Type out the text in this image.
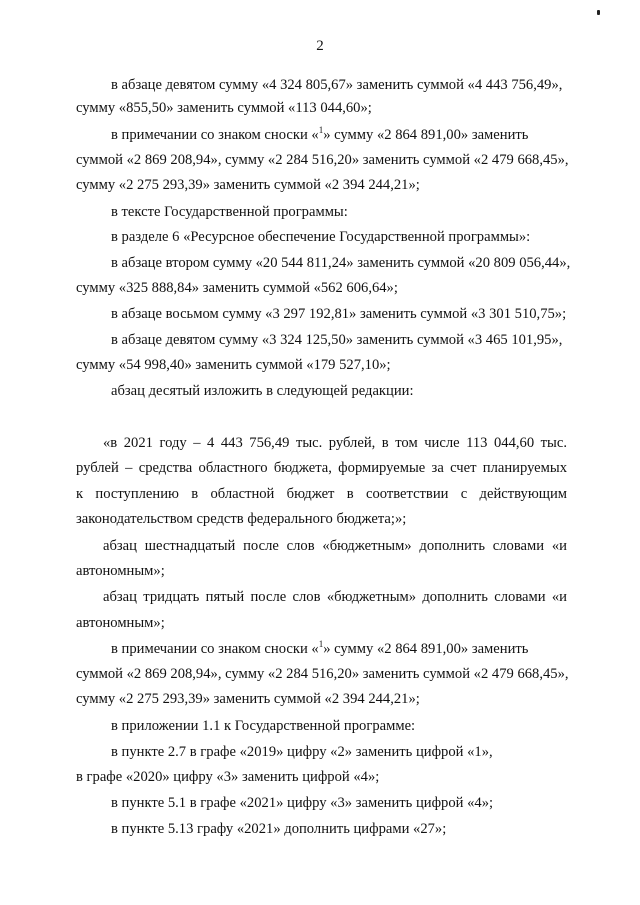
2
в абзаце девятом сумму «4 324 805,67» заменить суммой «4 443 756,49»,
сумму «855,50» заменить суммой «113 044,60»;
в примечании со знаком сноски «$^1$» сумму «2 864 891,00» заменить
суммой «2 869 208,94», сумму «2 284 516,20» заменить суммой «2 479 668,45»,
сумму «2 275 293,39» заменить суммой «2 394 244,21»;
в тексте Государственной программы:
в разделе 6 «Ресурсное обеспечение Государственной программы»:
в абзаце втором сумму «20 544 811,24» заменить суммой «20 809 056,44»,
сумму «325 888,84» заменить суммой «562 606,64»;
в абзаце восьмом сумму «3 297 192,81» заменить суммой «3 301 510,75»;
в абзаце девятом сумму «3 324 125,50» заменить суммой «3 465 101,95»,
сумму «54 998,40» заменить суммой «179 527,10»;
абзац десятый изложить в следующей редакции:
«в 2021 году – 4 443 756,49 тыс. рублей, в том числе 113 044,60 тыс.
рублей – средства областного бюджета, формируемые за счет планируемых
к поступлению в областной бюджет в соответствии с действующим
законодательством средств федерального бюджета;»;
абзац шестнадцатый после слов «бюджетным» дополнить словами «и
автономным»;
абзац тридцать пятый после слов «бюджетным» дополнить словами «и
автономным»;
в примечании со знаком сноски «$^1$» сумму «2 864 891,00» заменить
суммой «2 869 208,94», сумму «2 284 516,20» заменить суммой «2 479 668,45»,
сумму «2 275 293,39» заменить суммой «2 394 244,21»;
в приложении 1.1 к Государственной программе:
в пункте 2.7 в графе «2019» цифру «2» заменить цифрой «1»,
в графе «2020» цифру «3» заменить цифрой «4»;
в пункте 5.1 в графе «2021» цифру «3» заменить цифрой «4»;
в пункте 5.13 графу «2021» дополнить цифрами «27»;
